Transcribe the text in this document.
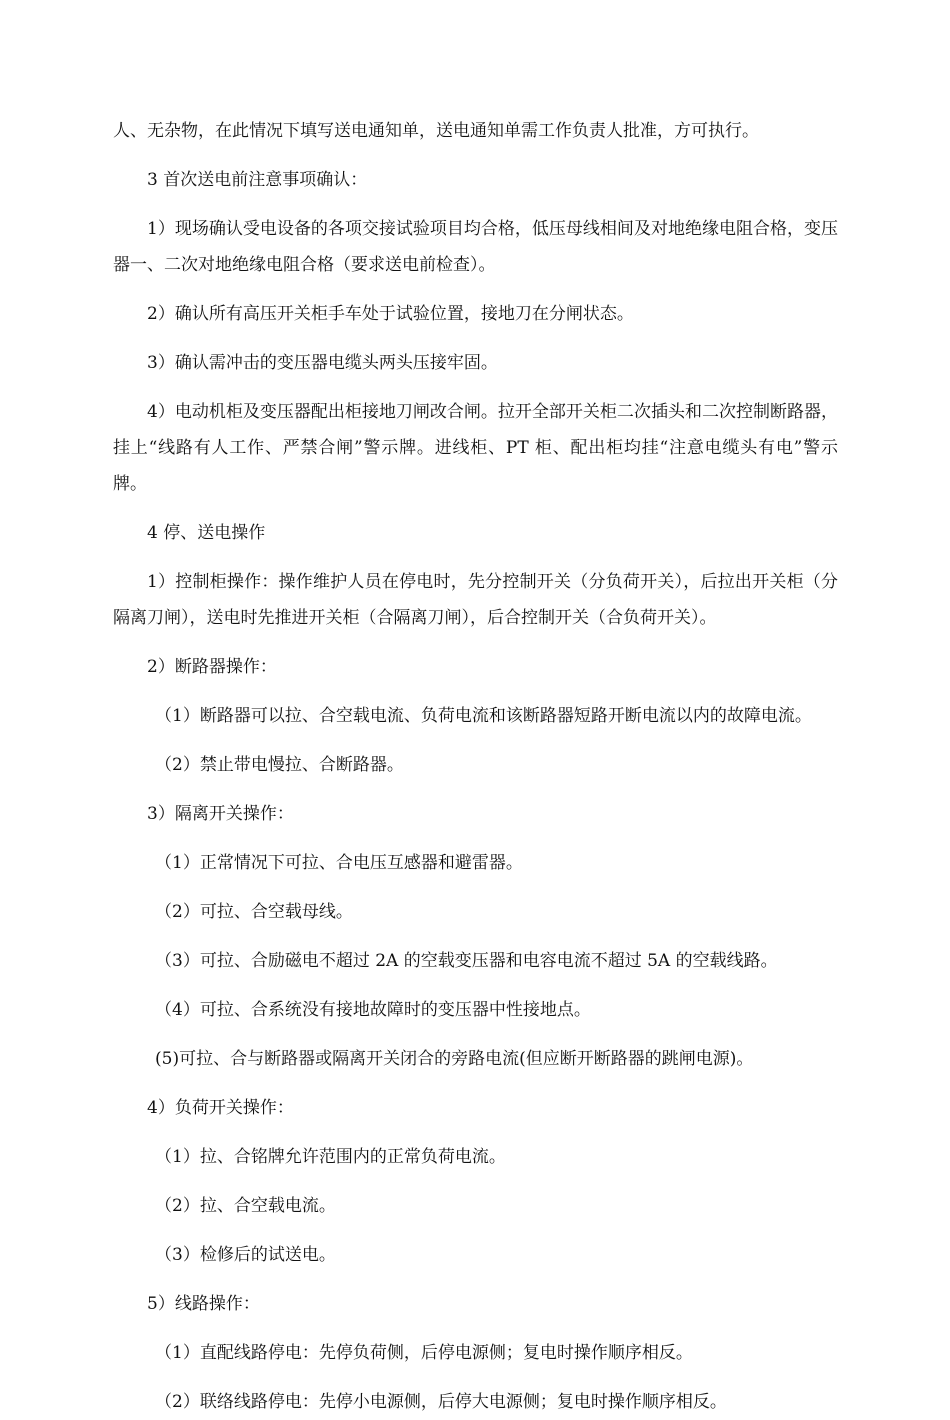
人、无杂物，在此情况下填写送电通知单，送电通知单需工作负责人批准，方可执行。

3 首次送电前注意事项确认：

1）现场确认受电设备的各项交接试验项目均合格，低压母线相间及对地绝缘电阻合格，变压器一、二次对地绝缘电阻合格（要求送电前检查）。

2）确认所有高压开关柜手车处于试验位置，接地刀在分闸状态。

3）确认需冲击的变压器电缆头两头压接牢固。

4）电动机柜及变压器配出柜接地刀闸改合闸。拉开全部开关柜二次插头和二次控制断路器，挂上“线路有人工作、严禁合闸”警示牌。进线柜、PT 柜、配出柜均挂“注意电缆头有电”警示牌。

4 停、送电操作

1）控制柜操作：操作维护人员在停电时，先分控制开关（分负荷开关），后拉出开关柜（分隔离刀闸），送电时先推进开关柜（合隔离刀闸），后合控制开关（合负荷开关）。

2）断路器操作：

（1）断路器可以拉、合空载电流、负荷电流和该断路器短路开断电流以内的故障电流。

（2）禁止带电慢拉、合断路器。

3）隔离开关操作：

（1）正常情况下可拉、合电压互感器和避雷器。

（2）可拉、合空载母线。

（3）可拉、合励磁电不超过 2A 的空载变压器和电容电流不超过 5A 的空载线路。

（4）可拉、合系统没有接地故障时的变压器中性接地点。

(5)可拉、合与断路器或隔离开关闭合的旁路电流(但应断开断路器的跳闸电源)。

4）负荷开关操作：

（1）拉、合铭牌允许范围内的正常负荷电流。

（2）拉、合空载电流。

（3）检修后的试送电。

5）线路操作：

（1）直配线路停电：先停负荷侧，后停电源侧；复电时操作顺序相反。

（2）联络线路停电：先停小电源侧，后停大电源侧；复电时操作顺序相反。
